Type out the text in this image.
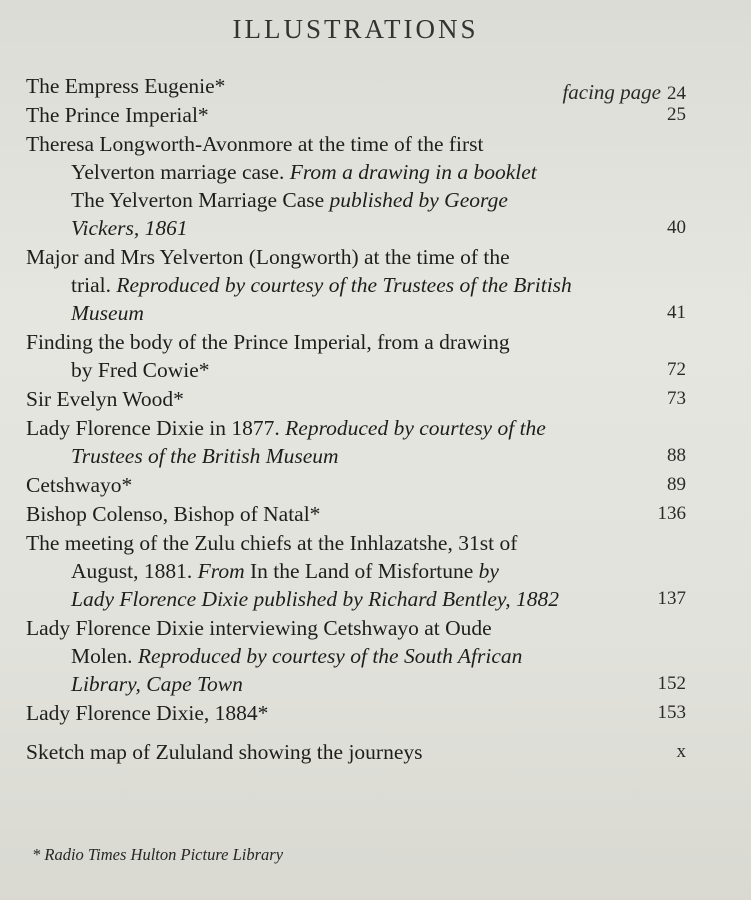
ILLUSTRATIONS
The Empress Eugenie*	facing page 24
The Prince Imperial*	25
Theresa Longworth-Avonmore at the time of the first
Yelverton marriage case. From a drawing in a booklet
The Yelverton Marriage Case published by George
Vickers, 1861	40
Major and Mrs Yelverton (Longworth) at the time of the
trial. Reproduced by courtesy of the Trustees of the British
Museum	41
Finding the body of the Prince Imperial, from a drawing
by Fred Cowie*	72
Sir Evelyn Wood*	73
Lady Florence Dixie in 1877. Reproduced by courtesy of the
Trustees of the British Museum	88
Cetshwayo*	89
Bishop Colenso, Bishop of Natal*	136
The meeting of the Zulu chiefs at the Inhlazatshe, 31st of
August, 1881. From In the Land of Misfortune by
Lady Florence Dixie published by Richard Bentley, 1882	137
Lady Florence Dixie interviewing Cetshwayo at Oude
Molen. Reproduced by courtesy of the South African
Library, Cape Town	152
Lady Florence Dixie, 1884*	153
Sketch map of Zululand showing the journeys	x
* Radio Times Hulton Picture Library
